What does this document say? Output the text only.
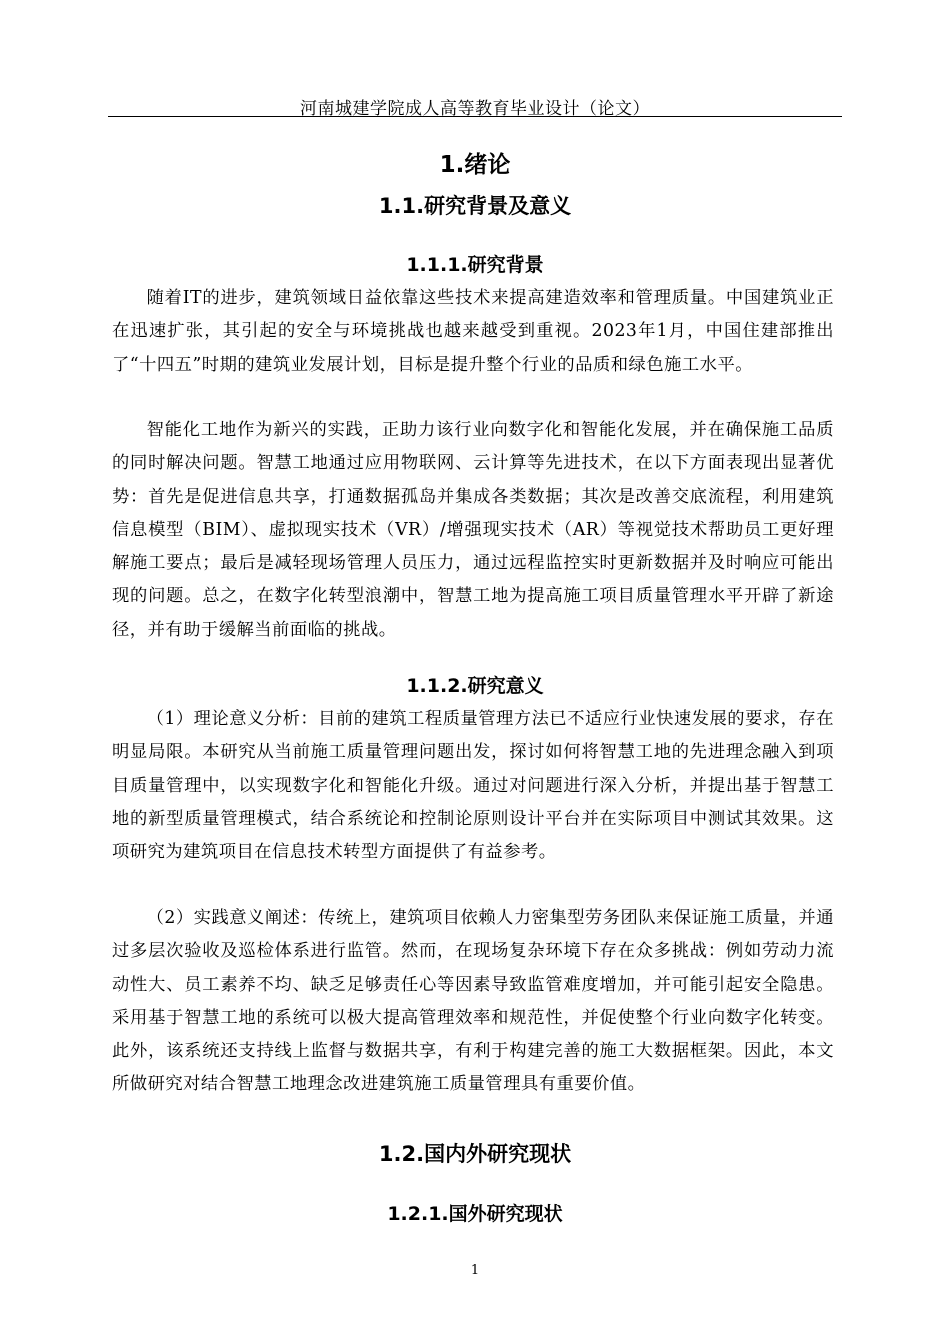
河南城建学院成人高等教育毕业设计（论文）
1.绪论
1.1.研究背景及意义
1.1.1.研究背景

随着IT的进步，建筑领域日益依靠这些技术来提高建造效率和管理质量。中国建筑业正在迅速扩张，其引起的安全与环境挑战也越来越受到重视。2023年1月，中国住建部推出了“十四五”时期的建筑业发展计划，目标是提升整个行业的品质和绿色施工水平。

智能化工地作为新兴的实践，正助力该行业向数字化和智能化发展，并在确保施工品质的同时解决问题。智慧工地通过应用物联网、云计算等先进技术，在以下方面表现出显著优势：首先是促进信息共享，打通数据孤岛并集成各类数据；其次是改善交底流程，利用建筑信息模型（BIM）、虚拟现实技术（VR）/增强现实技术（AR）等视觉技术帮助员工更好理解施工要点；最后是减轻现场管理人员压力，通过远程监控实时更新数据并及时响应可能出现的问题。总之，在数字化转型浪潮中，智慧工地为提高施工项目质量管理水平开辟了新途径，并有助于缓解当前面临的挑战。

1.1.2.研究意义

（1）理论意义分析：目前的建筑工程质量管理方法已不适应行业快速发展的要求，存在明显局限。本研究从当前施工质量管理问题出发，探讨如何将智慧工地的先进理念融入到项目质量管理中，以实现数字化和智能化升级。通过对问题进行深入分析，并提出基于智慧工地的新型质量管理模式，结合系统论和控制论原则设计平台并在实际项目中测试其效果。这项研究为建筑项目在信息技术转型方面提供了有益参考。

（2）实践意义阐述：传统上，建筑项目依赖人力密集型劳务团队来保证施工质量，并通过多层次验收及巡检体系进行监管。然而，在现场复杂环境下存在众多挑战：例如劳动力流动性大、员工素养不均、缺乏足够责任心等因素导致监管难度增加，并可能引起安全隐患。采用基于智慧工地的系统可以极大提高管理效率和规范性，并促使整个行业向数字化转变。此外，该系统还支持线上监督与数据共享，有利于构建完善的施工大数据框架。因此，本文所做研究对结合智慧工地理念改进建筑施工质量管理具有重要价值。

1.2.国内外研究现状
1.2.1.国外研究现状
1
